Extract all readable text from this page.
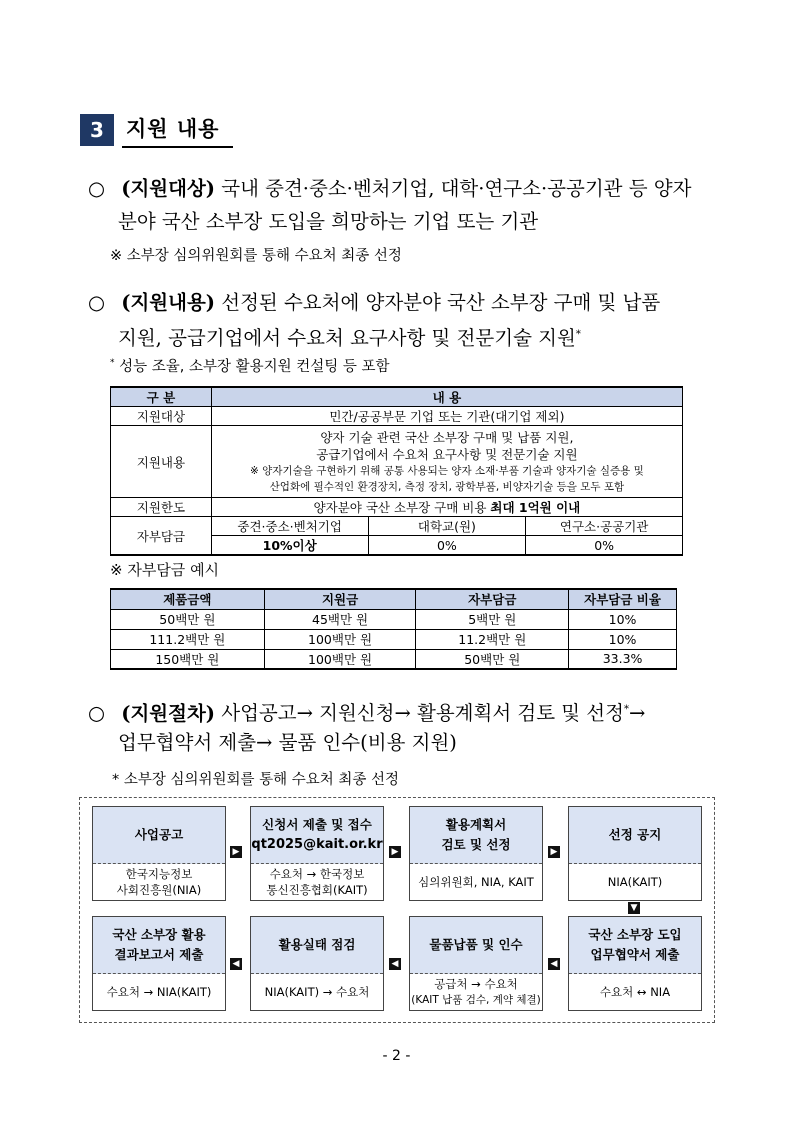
3	지원 내용
○ (지원대상) 국내 중견·중소·벤처기업, 대학·연구소·공공기관 등 양자
분야 국산 소부장 도입을 희망하는 기업 또는 기관
※ 소부장 심의위원회를 통해 수요처 최종 선정
○ (지원내용) 선정된 수요처에 양자분야 국산 소부장 구매 및 납품
지원, 공급기업에서 수요처 요구사항 및 전문기술 지원*
* 성능 조율, 소부장 활용지원 컨설팅 등 포함
구 분	내 용		
지원대상	민간/공공부문 기업 또는 기관(대기업 제외)		
지원내용	양자 기술 관련 국산 소부장 구매 및 납품 지원,
공급기업에서 수요처 요구사항 및 전문기술 지원
※ 양자기술을 구현하기 위해 공통 사용되는 양자 소재·부품 기술과 양자기술 실증용 및
산업화에 필수적인 환경장치, 측정 장치, 광학부품, 비양자기술 등을 모두 포함		

지원한도	양자분야 국산 소부장 구매 비용 최대 1억원 이내		
자부담금	중견·중소·벤처기업	대학교(원)	연구소·공공기관
	10%이상	0%	0%
※ 자부담금 예시
제품금액	지원금	자부담금	자부담금 비율
50백만 원	45백만 원	5백만 원	10%
111.2백만 원	100백만 원	11.2백만 원	10%
150백만 원	100백만 원	50백만 원	33.3%
○ (지원절차) 사업공고→ 지원신청→ 활용계획서 검토 및 선정*→
업무협약서 제출→ 물품 인수(비용 지원)
* 소부장 심의위원회를 통해 수요처 최종 선정
사업공고
한국지능정보
사회진흥원(NIA)
▶
신청서 제출 및 접수
qt2025@kait.or.kr
수요처 → 한국정보
통신진흥협회(KAIT)
▶
활용계획서
검토 및 선정
심의위원회, NIA, KAIT
▶
선정 공지
NIA(KAIT)
▼
국산 소부장 활용
결과보고서 제출
수요처 → NIA(KAIT)
◀
활용실태 점검
NIA(KAIT) → 수요처
◀
물품납품 및 인수
공급처 → 수요처
(KAIT 납품 검수, 계약 체결)
◀
국산 소부장 도입
업무협약서 제출
수요처 ↔ NIA
- 2 -
